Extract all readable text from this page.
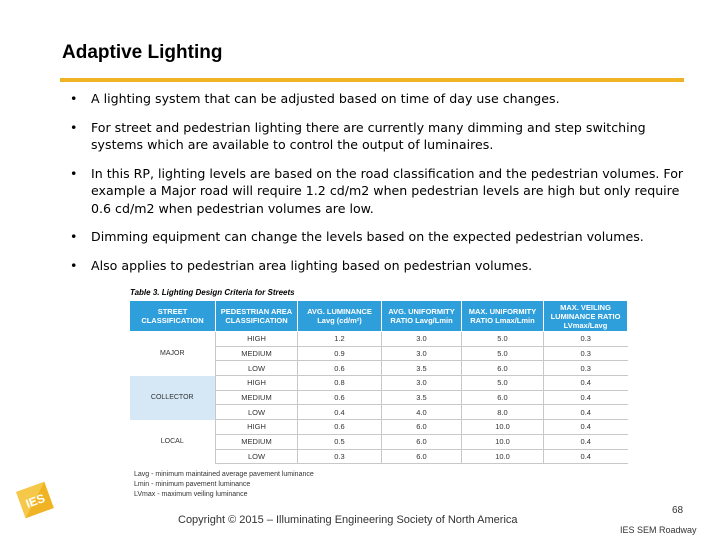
Adaptive Lighting
• A lighting system that can be adjusted based on time of day use changes.
• For street and pedestrian lighting there are currently many dimming and step switching systems which are available to control the output of luminaires.
• In this RP, lighting levels are based on the road classification and the pedestrian volumes. For example a Major road will require 1.2 cd/m2 when pedestrian levels are high but only require 0.6 cd/m2 when pedestrian volumes are low.
• Dimming equipment can change the levels based on the expected pedestrian volumes.
• Also applies to pedestrian area lighting based on pedestrian volumes.
Table 3. Lighting Design Criteria for Streets
STREET CLASSIFICATION	PEDESTRIAN AREA CLASSIFICATION	AVG. LUMINANCE Lavg (cd/m²)	AVG. UNIFORMITY RATIO Lavg/Lmin	MAX. UNIFORMITY RATIO Lmax/Lmin	MAX. VEILING LUMINANCE RATIO LVmax/Lavg
MAJOR	HIGH	1.2	3.0	5.0	0.3
	MEDIUM	0.9	3.0	5.0	0.3
	LOW	0.6	3.5	6.0	0.3
COLLECTOR	HIGH	0.8	3.0	5.0	0.4
	MEDIUM	0.6	3.5	6.0	0.4
	LOW	0.4	4.0	8.0	0.4
LOCAL	HIGH	0.6	6.0	10.0	0.4
	MEDIUM	0.5	6.0	10.0	0.4
	LOW	0.3	6.0	10.0	0.4
Lavg - minimum maintained average pavement luminance
Lmin - minimum pavement luminance
LVmax - maximum veiling luminance
IES
Copyright © 2015 – Illuminating Engineering Society of North America
68
IES SEM Roadway
